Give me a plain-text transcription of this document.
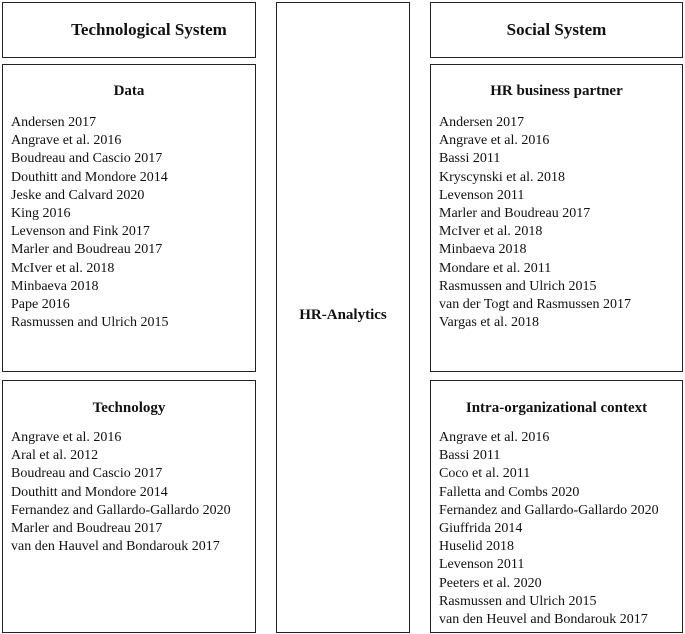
Technological System	Social System
HR-Analytics
Data
Andersen 2017
Angrave et al. 2016
Boudreau and Cascio 2017
Douthitt and Mondore 2014
Jeske and Calvard 2020
King 2016
Levenson and Fink 2017
Marler and Boudreau 2017
McIver et al. 2018
Minbaeva 2018
Pape 2016
Rasmussen and Ulrich 2015
Technology
Angrave et al. 2016
Aral et al. 2012
Boudreau and Cascio 2017
Douthitt and Mondore 2014
Fernandez and Gallardo-Gallardo 2020
Marler and Boudreau 2017
van den Hauvel and Bondarouk 2017
HR business partner
Andersen 2017
Angrave et al. 2016
Bassi 2011
Kryscynski et al. 2018
Levenson 2011
Marler and Boudreau 2017
McIver et al. 2018
Minbaeva 2018
Mondare et al. 2011
Rasmussen and Ulrich 2015
van der Togt and Rasmussen 2017
Vargas et al. 2018
Intra-organizational context
Angrave et al. 2016
Bassi 2011
Coco et al. 2011
Falletta and Combs 2020
Fernandez and Gallardo-Gallardo 2020
Giuffrida 2014
Huselid 2018
Levenson 2011
Peeters et al. 2020
Rasmussen and Ulrich 2015
van den Heuvel and Bondarouk 2017
